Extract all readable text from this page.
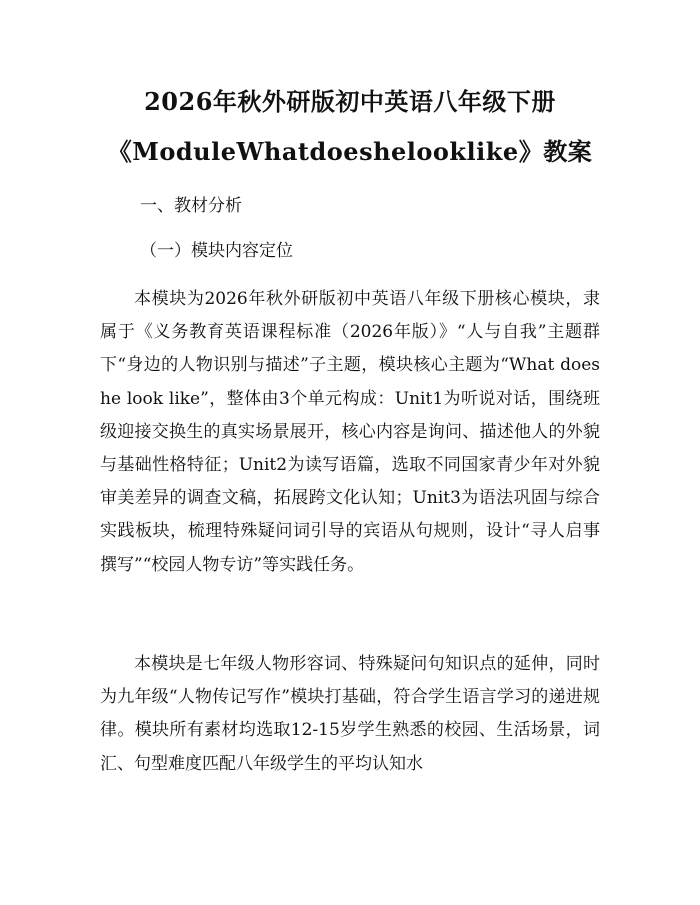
2026年秋外研版初中英语八年级下册
《ModuleWhatdoeshelooklike》教案
一、教材分析
（一）模块内容定位
本模块为2026年秋外研版初中英语八年级下册核心模块，隶属于《义务教育英语课程标准（2026年版）》“人与自我”主题群下“身边的人物识别与描述”子主题，模块核心主题为“What does he look like”，整体由3个单元构成：Unit1为听说对话，围绕班级迎接交换生的真实场景展开，核心内容是询问、描述他人的外貌与基础性格特征；Unit2为读写语篇，选取不同国家青少年对外貌审美差异的调查文稿，拓展跨文化认知；Unit3为语法巩固与综合实践板块，梳理特殊疑问词引导的宾语从句规则，设计“寻人启事撰写”“校园人物专访”等实践任务。
本模块是七年级人物形容词、特殊疑问句知识点的延伸，同时为九年级“人物传记写作”模块打基础，符合学生语言学习的递进规律。模块所有素材均选取12-15岁学生熟悉的校园、生活场景，词汇、句型难度匹配八年级学生的平均认知水
